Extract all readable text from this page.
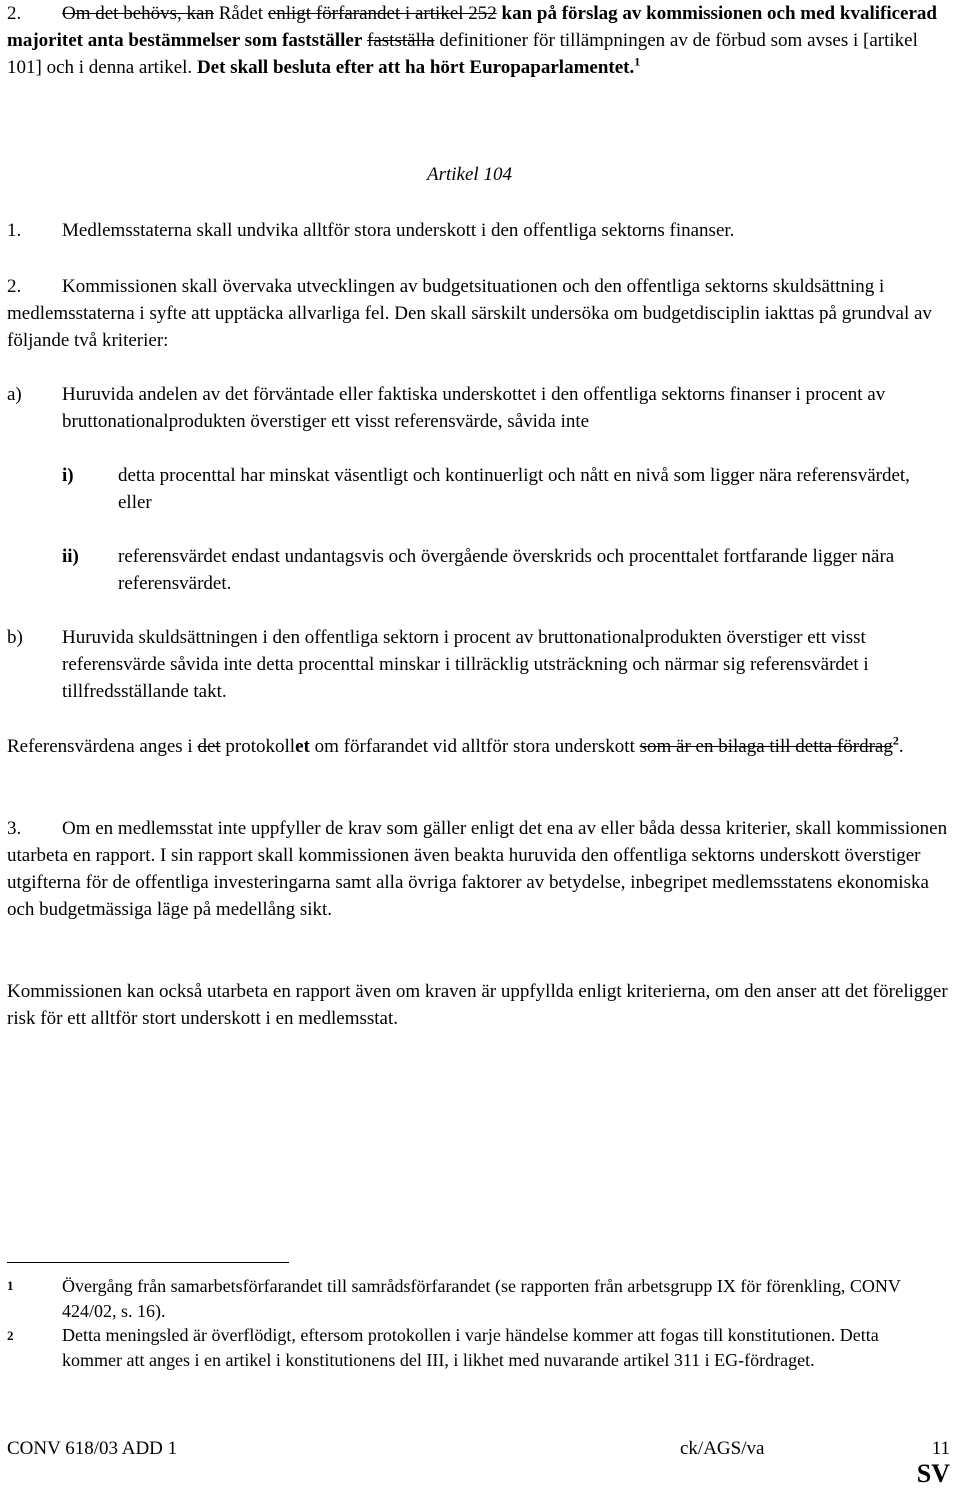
2.	Om det behövs, kan Rådet enligt förfarandet i artikel 252 kan på förslag av kommissionen och med kvalificerad majoritet anta bestämmelser som fastställer fastställa definitioner för tillämpningen av de förbud som avses i [artikel 101] och i denna artikel. Det skall besluta efter att ha hört Europaparlamentet.$^1$
Artikel 104
1. Medlemsstaterna skall undvika alltför stora underskott i den offentliga sektorns finanser.
2.	Kommissionen skall övervaka utvecklingen av budgetsituationen och den offentliga sektorns skuldsättning i medlemsstaterna i syfte att upptäcka allvarliga fel. Den skall särskilt undersöka om budgetdisciplin iakttas på grundval av följande två kriterier:
a) Huruvida andelen av det förväntade eller faktiska underskottet i den offentliga sektorns finanser i procent av bruttonationalprodukten överstiger ett visst referensvärde, såvida inte
i) detta procenttal har minskat väsentligt och kontinuerligt och nått en nivå som ligger nära referensvärdet, eller
ii) referensvärdet endast undantagsvis och övergående överskrids och procenttalet fortfarande ligger nära referensvärdet.
b) Huruvida skuldsättningen i den offentliga sektorn i procent av bruttonationalprodukten överstiger ett visst referensvärde såvida inte detta procenttal minskar i tillräcklig utsträckning och närmar sig referensvärdet i tillfredsställande takt.
Referensvärdena anges i det protokollet om förfarandet vid alltför stora underskott som är en bilaga till detta fördrag$^2$.
3.	Om en medlemsstat inte uppfyller de krav som gäller enligt det ena av eller båda dessa kriterier, skall kommissionen utarbeta en rapport. I sin rapport skall kommissionen även beakta huruvida den offentliga sektorns underskott överstiger utgifterna för de offentliga investeringarna samt alla övriga faktorer av betydelse, inbegripet medlemsstatens ekonomiska och budgetmässiga läge på medellång sikt.
Kommissionen kan också utarbeta en rapport även om kraven är uppfyllda enligt kriterierna, om den anser att det föreligger risk för ett alltför stort underskott i en medlemsstat.
1	Övergång från samarbetsförfarandet till samrådsförfarandet (se rapporten från arbetsgrupp IX för förenkling, CONV 424/02, s. 16).
2	Detta meningsled är överflödigt, eftersom protokollen i varje händelse kommer att fogas till konstitutionen. Detta kommer att anges i en artikel i konstitutionens del III, i likhet med nuvarande artikel 311 i EG-fördraget.
CONV 618/03 ADD 1	ck/AGS/va	11
SV
